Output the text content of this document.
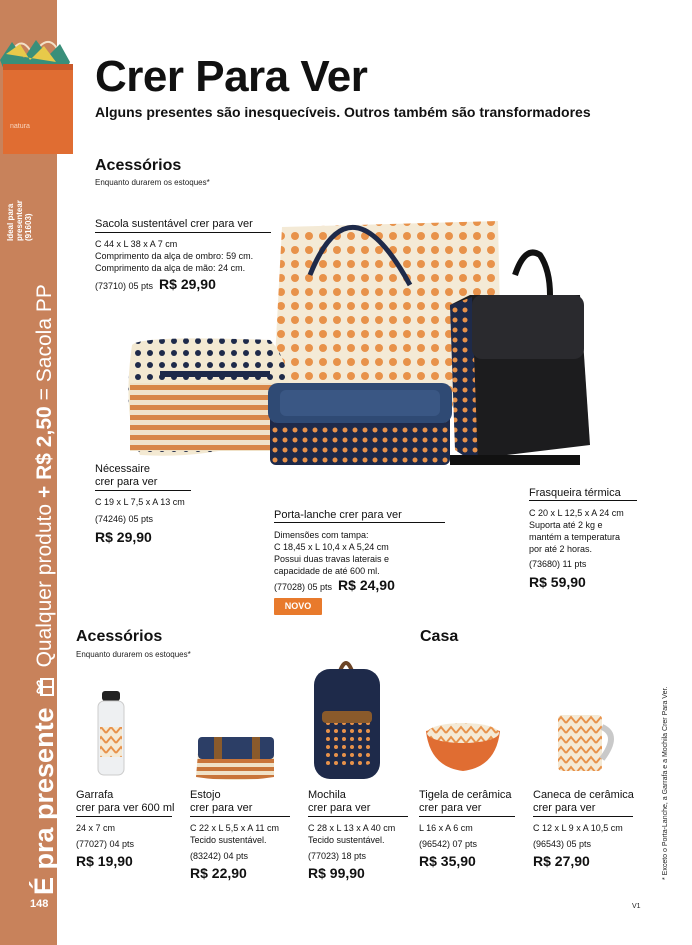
natura
Ideal para presentear (91603)
É pra presente
Qualquer produto
+ R$ 2,50
= Sacola PP
148
Crer Para Ver
Alguns presentes são inesquecíveis. Outros também são transformadores
Acessórios
Enquanto durarem os estoques*
Sacola sustentável crer para ver
C 44 x L 38 x A 7 cm
Comprimento da alça de ombro: 59 cm.
Comprimento da alça de mão: 24 cm.
(73710) 05 pts R$ 29,90
Nécessaire
crer para ver
C 19 x L 7,5 x A 13 cm
(74246) 05 pts
R$ 29,90
Porta-lanche crer para ver
Dimensões com tampa:
C 18,45 x L 10,4 x A 5,24 cm
Possui duas travas laterais e
capacidade de até 600 ml.
(77028) 05 pts R$ 24,90
NOVO
Frasqueira térmica
C 20 x L 12,5 x A 24 cm
Suporta até 2 kg e
mantém a temperatura
por até 2 horas.
(73680) 11 pts
R$ 59,90
Acessórios
Enquanto durarem os estoques*
Casa
Garrafa
crer para ver 600 ml
24 x 7 cm
(77027) 04 pts
R$ 19,90
Estojo
crer para ver
C 22 x L 5,5 x A 11 cm
Tecido sustentável.
(83242) 04 pts
R$ 22,90
Mochila
crer para ver
C 28 x L 13 x A 40 cm
Tecido sustentável.
(77023) 18 pts
R$ 99,90
Tigela de cerâmica
crer para ver
L 16 x A 6 cm
(96542) 07 pts
R$ 35,90
Caneca de cerâmica
crer para ver
C 12 x L 9 x A 10,5 cm
(96543) 05 pts
R$ 27,90	* Exceto o Porta-Lanche, a Garrafa e a Mochila Crer Para Ver.
V1
